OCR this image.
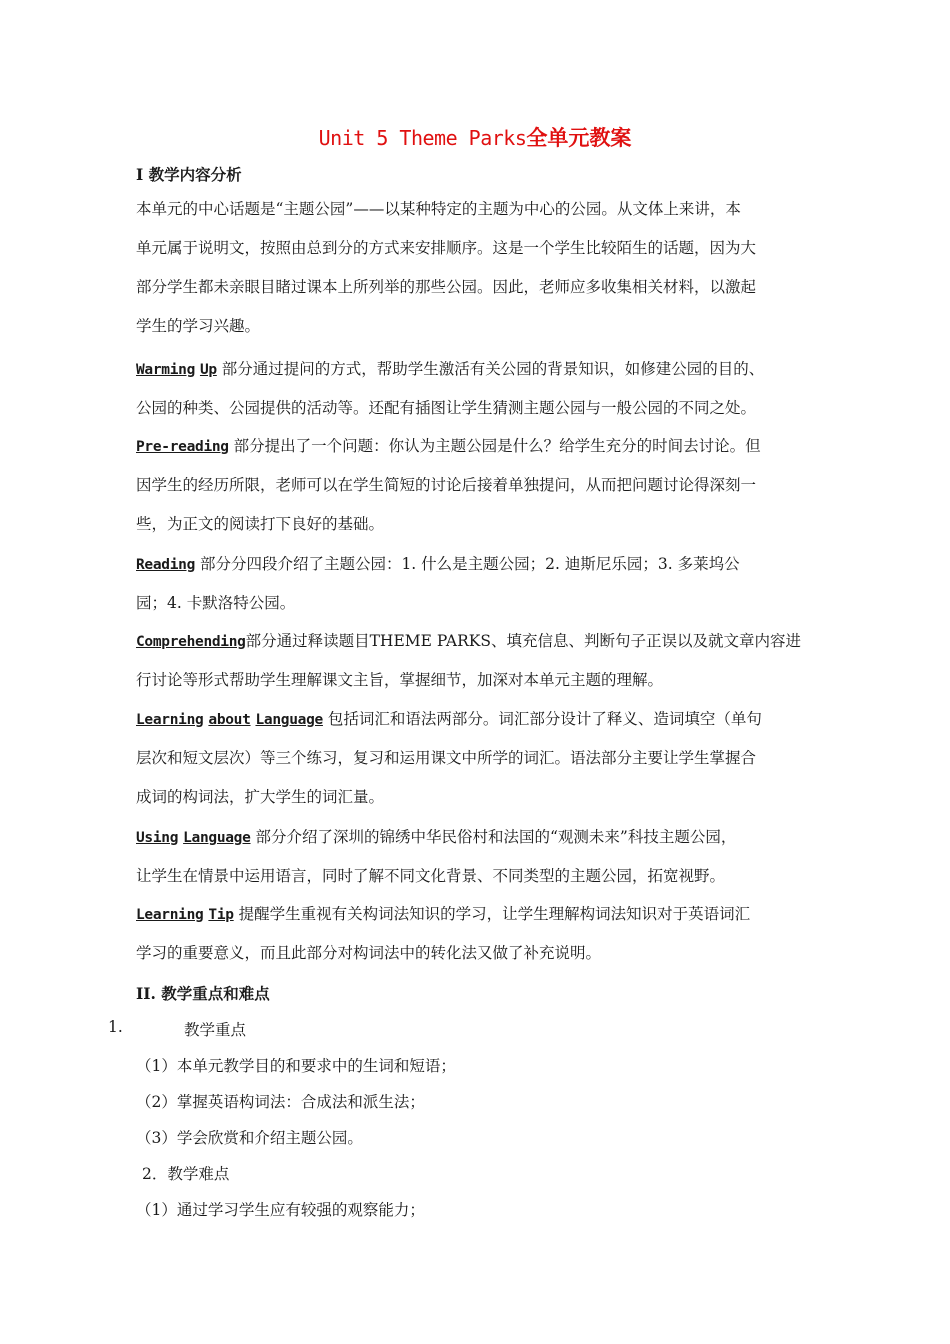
Unit 5 Theme Parks全单元教案
I 教学内容分析
本单元的中心话题是“主题公园”——以某种特定的主题为中心的公园。从文体上来讲，本
单元属于说明文，按照由总到分的方式来安排顺序。这是一个学生比较陌生的话题，因为大
部分学生都未亲眼目睹过课本上所列举的那些公园。因此，老师应多收集相关材料，以激起
学生的学习兴趣。
Warming Up 部分通过提问的方式，帮助学生激活有关公园的背景知识，如修建公园的目的、
公园的种类、公园提供的活动等。还配有插图让学生猜测主题公园与一般公园的不同之处。
Pre-reading 部分提出了一个问题：你认为主题公园是什么？给学生充分的时间去讨论。但
因学生的经历所限，老师可以在学生简短的讨论后接着单独提问，从而把问题讨论得深刻一
些，为正文的阅读打下良好的基础。
Reading 部分分四段介绍了主题公园：1. 什么是主题公园；2. 迪斯尼乐园；3. 多莱坞公
园；4. 卡默洛特公园。
Comprehending部分通过释读题目THEME PARKS、填充信息、判断句子正误以及就文章内容进
行讨论等形式帮助学生理解课文主旨，掌握细节，加深对本单元主题的理解。
Learning about Language 包括词汇和语法两部分。词汇部分设计了释义、造词填空（单句
层次和短文层次）等三个练习，复习和运用课文中所学的词汇。语法部分主要让学生掌握合
成词的构词法，扩大学生的词汇量。
Using Language 部分介绍了深圳的锦绣中华民俗村和法国的“观测未来”科技主题公园，
让学生在情景中运用语言，同时了解不同文化背景、不同类型的主题公园，拓宽视野。
Learning Tip 提醒学生重视有关构词法知识的学习，让学生理解构词法知识对于英语词汇
学习的重要意义，而且此部分对构词法中的转化法又做了补充说明。
II. 教学重点和难点
1.	教学重点
（1）本单元教学目的和要求中的生词和短语；
（2）掌握英语构词法：合成法和派生法；
（3）学会欣赏和介绍主题公园。
2．教学难点
（1）通过学习学生应有较强的观察能力；
